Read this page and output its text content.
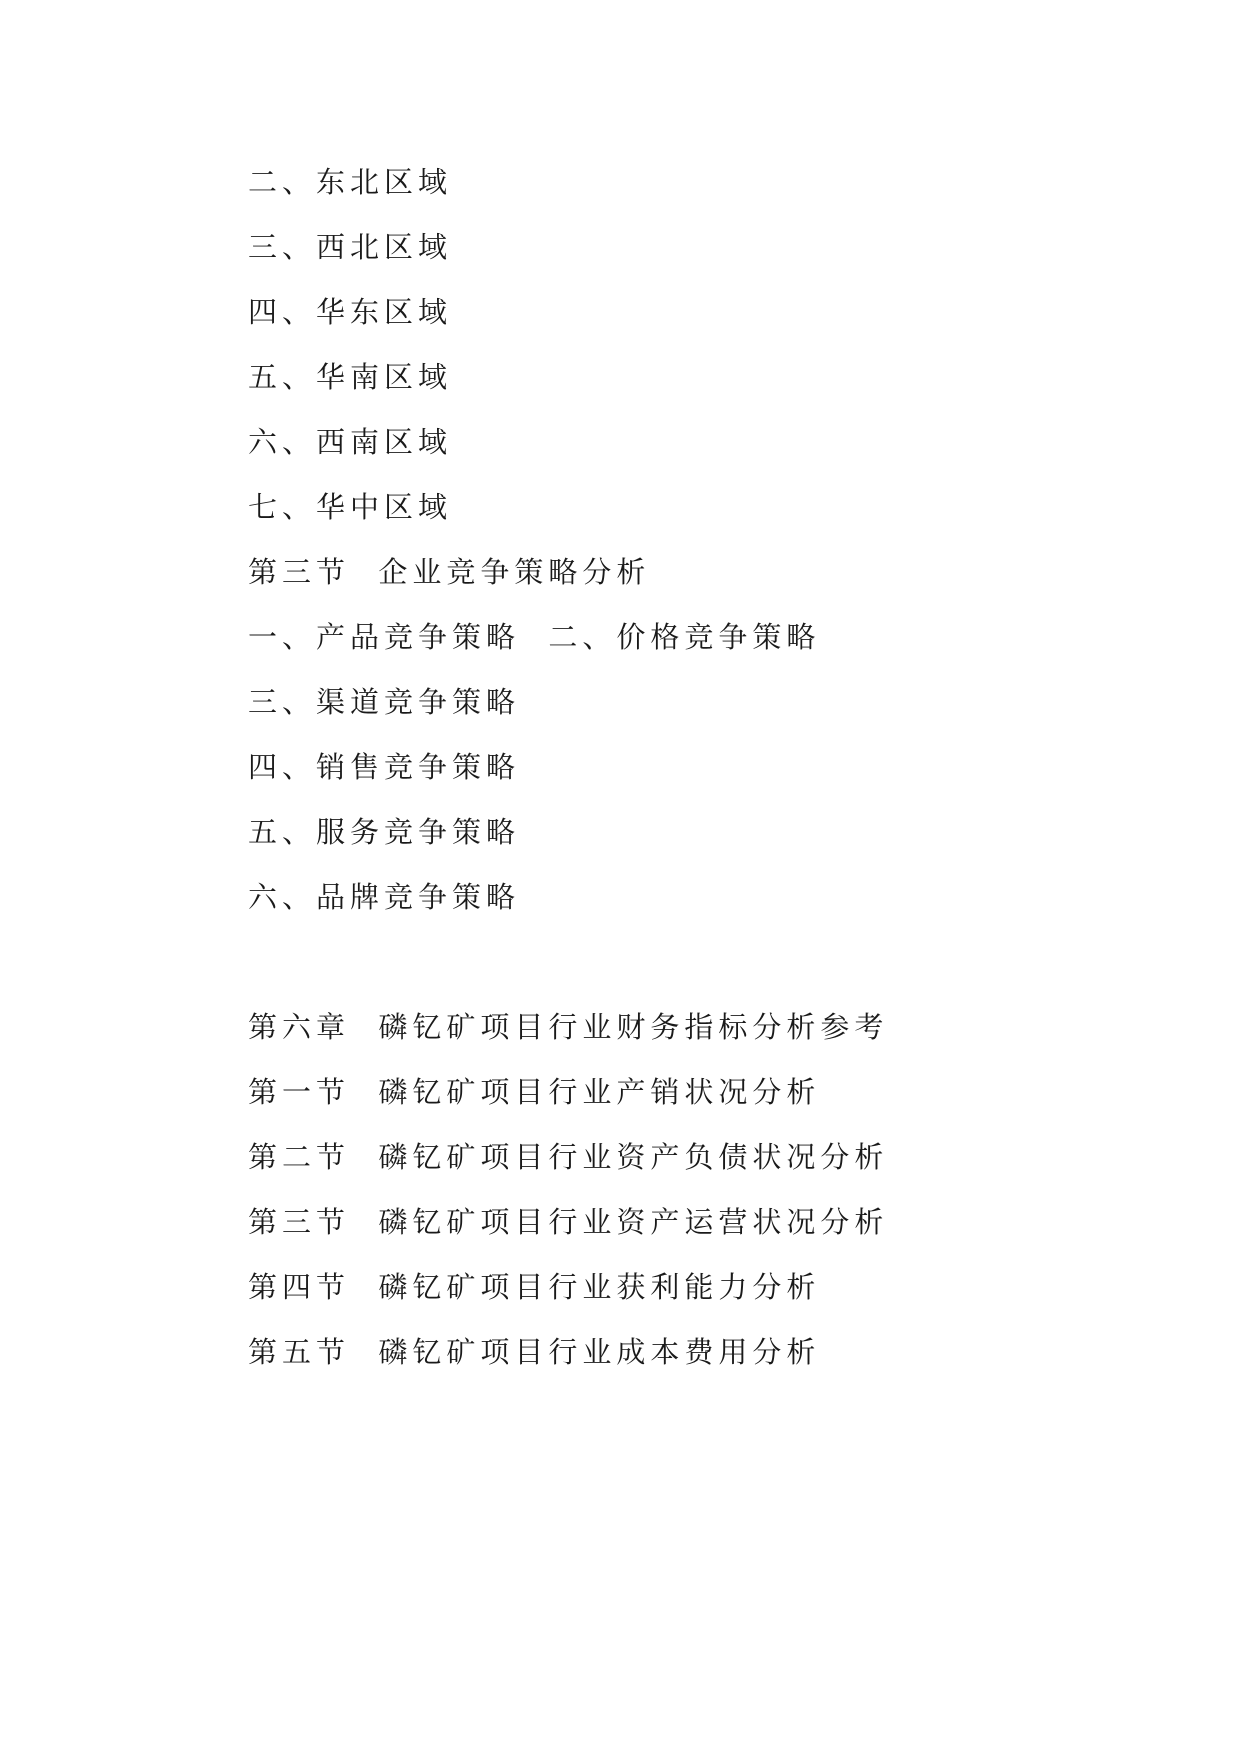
二、东北区域
三、西北区域
四、华东区域
五、华南区域
六、西南区域
七、华中区域
第三节  企业竞争策略分析
一、产品竞争策略  二、价格竞争策略
三、渠道竞争策略
四、销售竞争策略
五、服务竞争策略
六、品牌竞争策略
第六章  磷钇矿项目行业财务指标分析参考
第一节  磷钇矿项目行业产销状况分析
第二节  磷钇矿项目行业资产负债状况分析
第三节  磷钇矿项目行业资产运营状况分析
第四节  磷钇矿项目行业获利能力分析
第五节  磷钇矿项目行业成本费用分析
